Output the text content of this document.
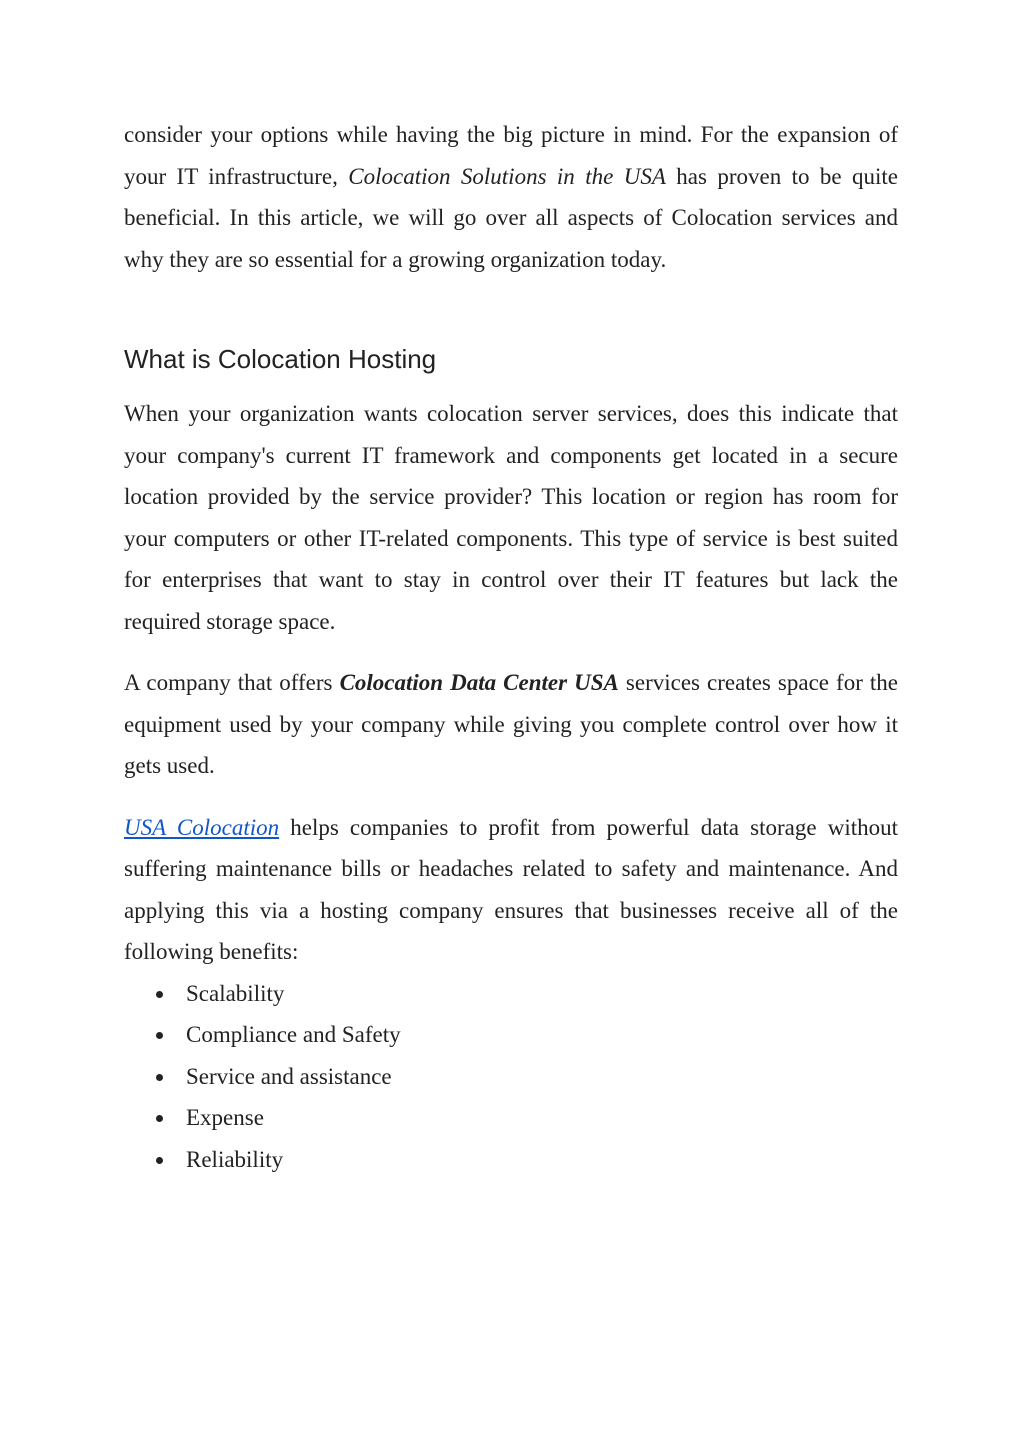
consider your options while having the big picture in mind. For the expansion of your IT infrastructure, Colocation Solutions in the USA has proven to be quite beneficial. In this article, we will go over all aspects of Colocation services and why they are so essential for a growing organization today.

What is Colocation Hosting

When your organization wants colocation server services, does this indicate that your company's current IT framework and components get located in a secure location provided by the service provider? This location or region has room for your computers or other IT-related components. This type of service is best suited for enterprises that want to stay in control over their IT features but lack the required storage space.

A company that offers Colocation Data Center USA services creates space for the equipment used by your company while giving you complete control over how it gets used.

USA Colocation helps companies to profit from powerful data storage without suffering maintenance bills or headaches related to safety and maintenance. And applying this via a hosting company ensures that businesses receive all of the following benefits:

Scalability
Compliance and Safety
Service and assistance
Expense
Reliability
